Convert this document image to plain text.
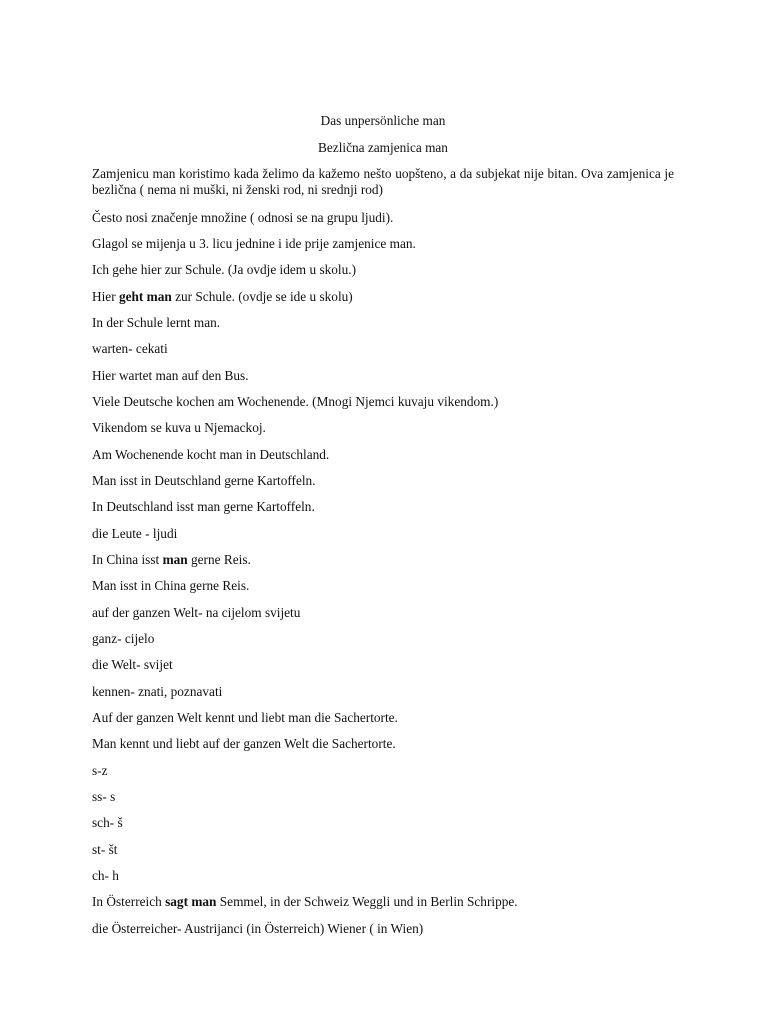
Das unpersönliche man
Bezlična zamjenica man
Zamjenicu man koristimo kada želimo da kažemo nešto uopšteno, a da subjekat nije bitan. Ova zamjenica je bezlična ( nema ni muški, ni ženski rod, ni srednji rod)
Često nosi značenje množine ( odnosi se na grupu ljudi).
Glagol se mijenja u 3. licu jednine i ide prije zamjenice man.
Ich gehe hier zur Schule. (Ja ovdje idem u skolu.)
Hier geht man zur Schule. (ovdje se ide u skolu)
In der Schule lernt man.
warten- cekati
Hier wartet man auf den Bus.
Viele Deutsche kochen am Wochenende. (Mnogi Njemci kuvaju vikendom.)
Vikendom se kuva u Njemackoj.
Am Wochenende kocht man in Deutschland.
Man isst in Deutschland gerne Kartoffeln.
In Deutschland isst man gerne Kartoffeln.
die Leute - ljudi
In China isst man gerne Reis.
Man isst in China gerne Reis.
auf der ganzen Welt- na cijelom svijetu
ganz- cijelo
die Welt- svijet
kennen- znati, poznavati
Auf der ganzen Welt kennt und liebt man die Sachertorte.
Man kennt und liebt auf der ganzen Welt die Sachertorte.
s-z
ss- s
sch- š
st- št
ch- h
In Österreich sagt man Semmel, in der Schweiz Weggli und in Berlin Schrippe.
die Österreicher- Austrijanci (in Österreich) Wiener ( in Wien)
